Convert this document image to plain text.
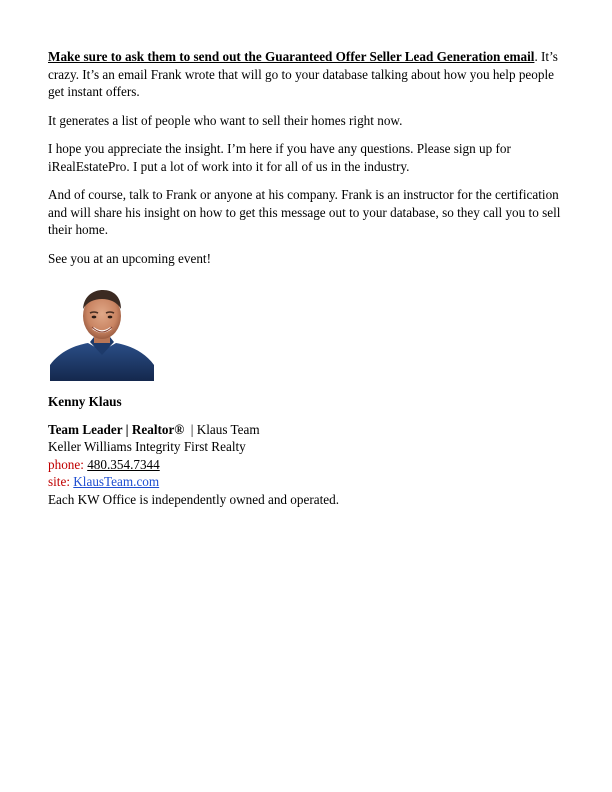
Make sure to ask them to send out the Guaranteed Offer Seller Lead Generation email. It’s crazy. It’s an email Frank wrote that will go to your database talking about how you help people get instant offers.

It generates a list of people who want to sell their homes right now.

I hope you appreciate the insight. I’m here if you have any questions. Please sign up for iRealEstatePro. I put a lot of work into it for all of us in the industry.

And of course, talk to Frank or anyone at his company. Frank is an instructor for the certification and will share his insight on how to get this message out to your database, so they call you to sell their home.

See you at an upcoming event!

Kenny Klaus

Team Leader | Realtor®  | Klaus Team
Keller Williams Integrity First Realty
phone: 480.354.7344
site: KlausTeam.com
Each KW Office is independently owned and operated.
